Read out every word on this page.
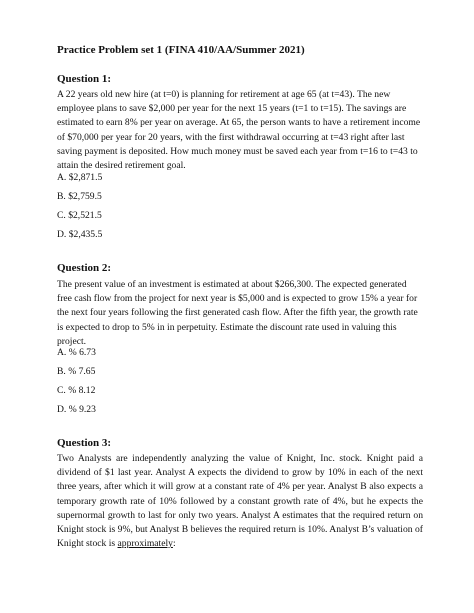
Practice Problem set 1 (FINA 410/AA/Summer 2021)
Question 1:
A 22 years old new hire (at t=0) is planning for retirement at age 65 (at t=43). The new employee plans to save $2,000 per year for the next 15 years (t=1 to t=15). The savings are estimated to earn 8% per year on average. At 65, the person wants to have a retirement income of $70,000 per year for 20 years, with the first withdrawal occurring at t=43 right after last saving payment is deposited. How much money must be saved each year from t=16 to t=43 to attain the desired retirement goal.
A. $2,871.5
B. $2,759.5
C. $2,521.5
D. $2,435.5
Question 2:
The present value of an investment is estimated at about $266,300. The expected generated free cash flow from the project for next year is $5,000 and is expected to grow 15% a year for the next four years following the first generated cash flow. After the fifth year, the growth rate is expected to drop to 5% in in perpetuity. Estimate the discount rate used in valuing this project.
A. % 6.73
B. % 7.65
C. % 8.12
D. % 9.23
Question 3:
Two Analysts are independently analyzing the value of Knight, Inc. stock. Knight paid a dividend of $1 last year. Analyst A expects the dividend to grow by 10% in each of the next three years, after which it will grow at a constant rate of 4% per year. Analyst B also expects a temporary growth rate of 10% followed by a constant growth rate of 4%, but he expects the supernormal growth to last for only two years. Analyst A estimates that the required return on Knight stock is 9%, but Analyst B believes the required return is 10%. Analyst B’s valuation of Knight stock is approximately:
